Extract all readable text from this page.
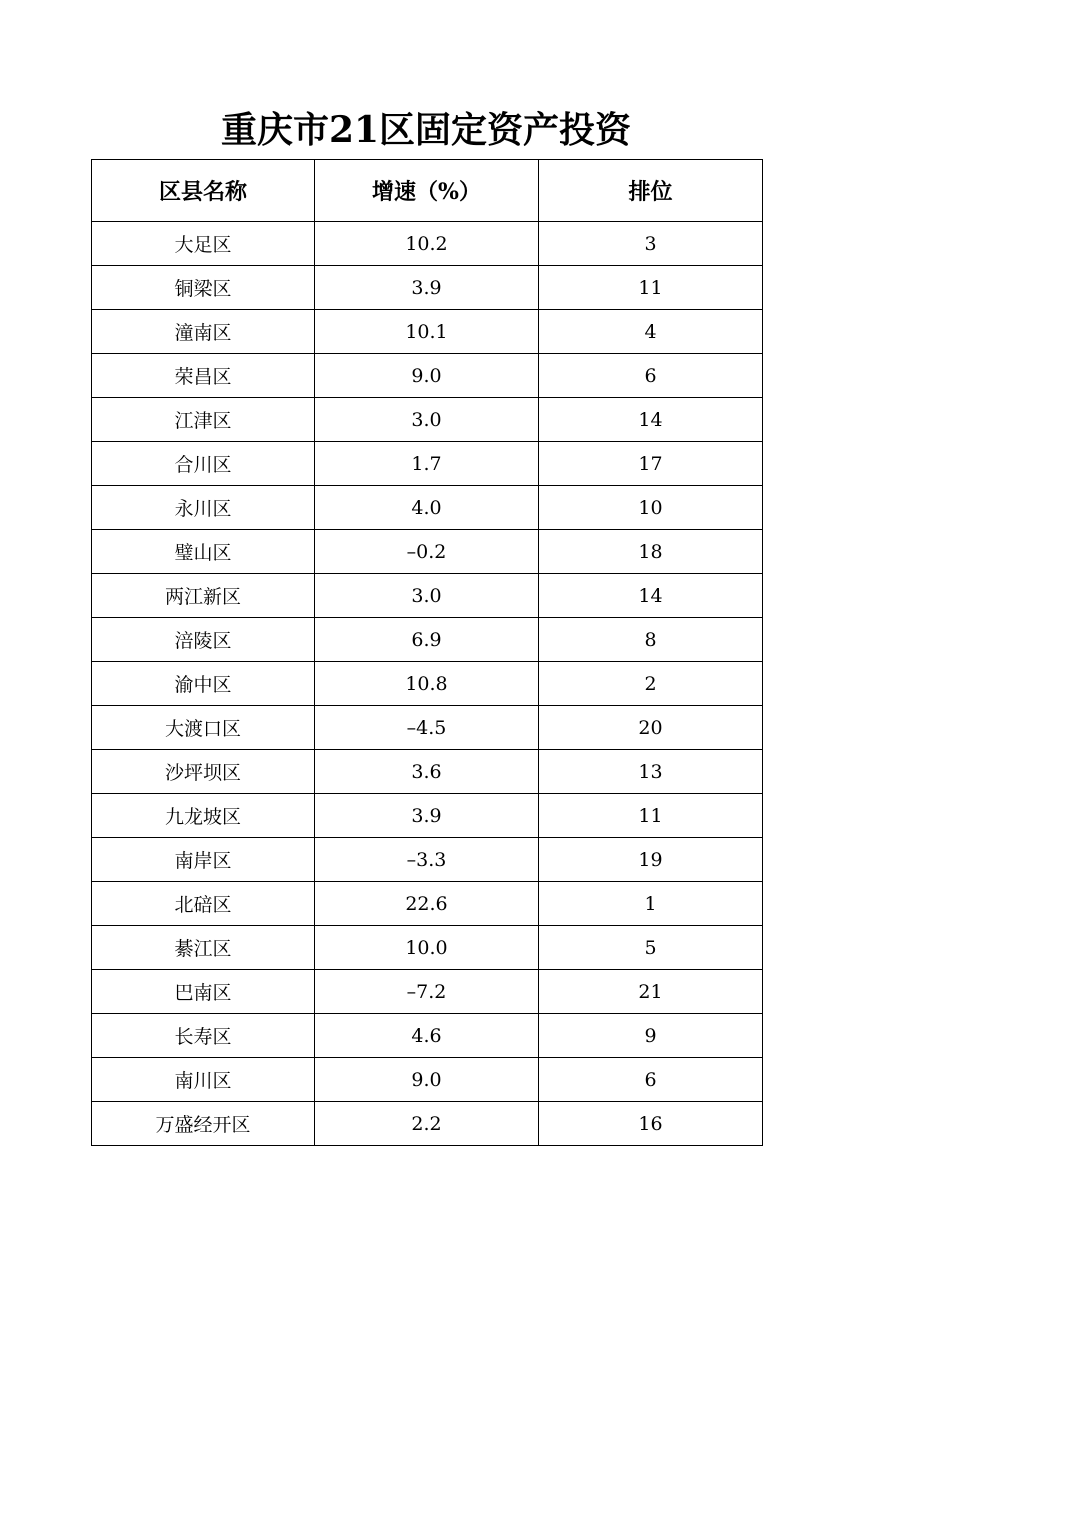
重庆市21区固定资产投资
区县名称	增速（%）	排位
大足区	10.2	3
铜梁区	3.9	11
潼南区	10.1	4
荣昌区	9.0	6
江津区	3.0	14
合川区	1.7	17
永川区	4.0	10
璧山区	–0.2	18
两江新区	3.0	14
涪陵区	6.9	8
渝中区	10.8	2
大渡口区	–4.5	20
沙坪坝区	3.6	13
九龙坡区	3.9	11
南岸区	–3.3	19
北碚区	22.6	1
綦江区	10.0	5
巴南区	–7.2	21
长寿区	4.6	9
南川区	9.0	6
万盛经开区	2.2	16
